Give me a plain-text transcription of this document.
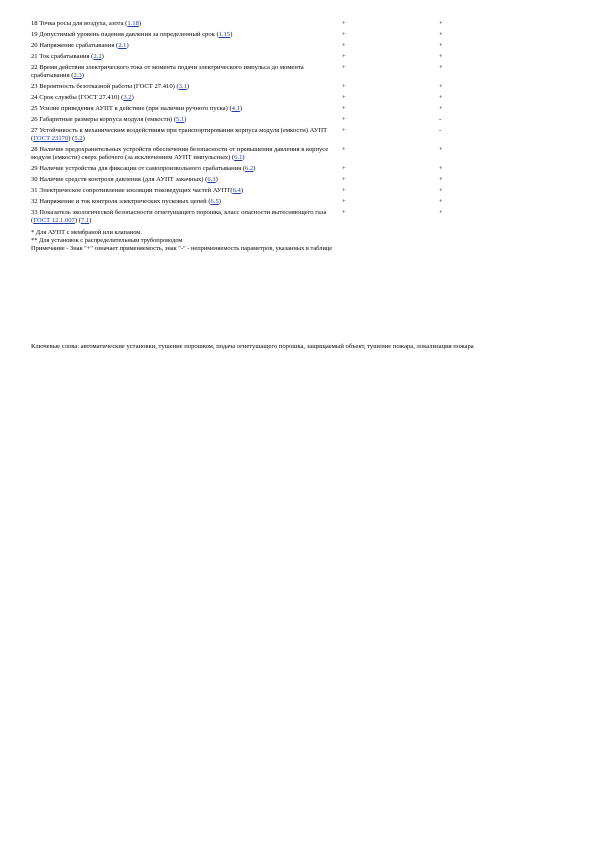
18 Точка росы для воздуха, азота (1.18)	+	+
19 Допустимый уровень падения давления за определенный срок (1.15)	+	+
20 Напряжение срабатывания (2.1)	+	+
21 Ток срабатывания (2.2)	+	+
22 Время действия электрического тока от момента подачи электрического импульса до момента срабатывания (2.3)	+	+
23 Вероятность безотказной работы (ГОСТ 27.410) (3.1)	+	+
24 Срок службы (ГОСТ 27.410) (3.2)	+	+
25 Усилие приведения АУПТ в действие (при наличии ручного пуска) (4.1)	+	+
26 Габаритные размеры корпуса модуля (емкости) (5.1)	+	-
27 Устойчивость к механическим воздействиям при транспортировании корпуса модуля (емкости) АУПТ (ГОСТ 23170) (5.2)	+	-
28 Наличие предохранительных устройств обеспечения безопасности от превышения давления в корпусе модуля (емкости) сверх рабочего (за исключением АУПТ импульсных) (6.1)	+	+
29 Наличие устройства для фиксации от самопроизвольного срабатывания (6.2)	+	+
30 Наличие средств контроля давления (для АУПТ закачных) (6.3)	+	+
31 Электрическое сопротивление изоляции токоведущих частей АУПТ(6.4)	+	+
32 Напряжение и ток контроля электрических пусковых цепей (6.5)	+	+
33 Показатель экологической безопасности огнетушащего порошка, класс опасности вытесняющего газа (ГОСТ 12.1.007) (7.1)	+	+
* Для АУПТ с мембраной или клапаном.
** Для установок с распределительным трубопроводом
Примечание - Знак "+" означает применяемость, знак "-" - неприменяемость параметров, указанных в таблице
Ключевые слова: автоматические установки, тушение порошком, подача огнетушащего порошка, защищаемый объект, тушение пожара, локализация пожара
